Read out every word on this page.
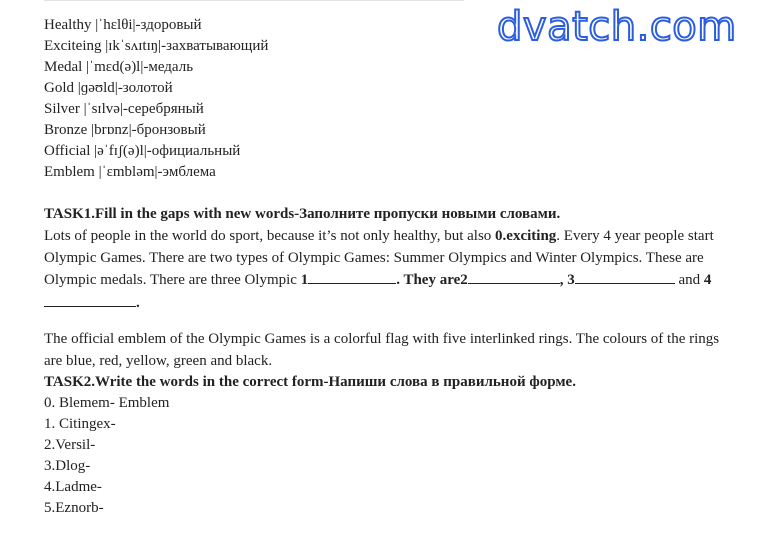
dvatch.com
Healthy |ˈhɛlθi|-здоровый
Exciteing |ɪkˈsʌɪtɪŋ|-захватывающий
Medal |ˈmɛd(ə)l|-медаль
Gold |ɡəʊld|-золотой
Silver |ˈsɪlvə|-серебряный
Bronze |brɒnz|-бронзовый
Official |əˈfɪʃ(ə)l|-официальный
Emblem |ˈɛmbləm|-эмблема
TASK1.Fill in the gaps with new words-Заполните пропуски новыми словами.
Lots of people in the world do sport, because it’s not only healthy, but also 0.exciting. Every 4 year people start Olympic Games. There are two types of Olympic Games: Summer Olympics and Winter Olympics. These are Olympic medals. There are three Olympic 1	. They are2	, 3	and 4.
The official emblem of the Olympic Games is a colorful flag with five interlinked rings. The colours of the rings are blue, red, yellow, green and black.
TASK2.Write the words in the correct form-Напиши слова в правильной форме.
0. Blemem- Emblem
1. Citingex-
2.Versil-
3.Dlog-
4.Ladme-
5.Eznorb-
